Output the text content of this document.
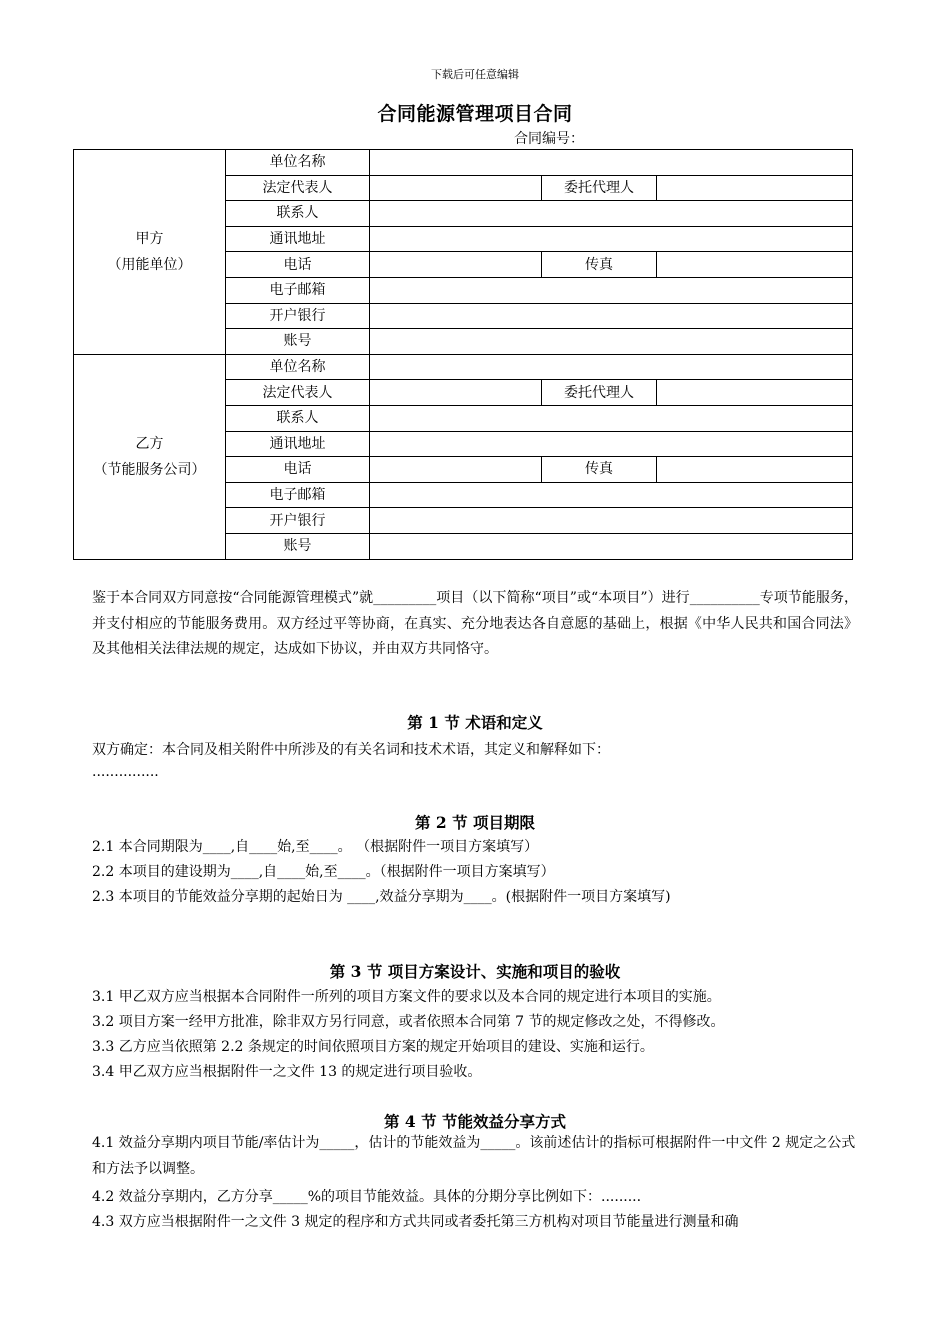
下载后可任意编辑
合同能源管理项目合同
合同编号：
甲方
（用能单位）	单位名称			
	法定代表人		委托代理人	
	联系人			
	通讯地址			
	电话		传真	
	电子邮箱			
	开户银行			
	账号			

乙方
（节能服务公司）	单位名称			
	法定代表人		委托代理人	
	联系人			
	通讯地址			
	电话		传真	
	电子邮箱			
	开户银行			
	账号			

鉴于本合同双方同意按“合同能源管理模式”就_________项目（以下简称“项目”或“本项目”）进行__________专项节能服务，并支付相应的节能服务费用。双方经过平等协商，在真实、充分地表达各自意愿的基础上，根据《中华人民共和国合同法》及其他相关法律法规的规定，达成如下协议，并由双方共同恪守。

第 1 节 术语和定义
双方确定：本合同及相关附件中所涉及的有关名词和技术术语，其定义和解释如下：
...............
第 2 节 项目期限
2.1 本合同期限为____,自____始,至____。 （根据附件一项目方案填写）
2.2 本项目的建设期为____,自____始,至____。（根据附件一项目方案填写）
2.3 本项目的节能效益分享期的起始日为 ____,效益分享期为____。(根据附件一项目方案填写)
第 3 节 项目方案设计、实施和项目的验收
3.1 甲乙双方应当根据本合同附件一所列的项目方案文件的要求以及本合同的规定进行本项目的实施。
3.2 项目方案一经甲方批准，除非双方另行同意，或者依照本合同第 7 节的规定修改之处，不得修改。
3.3 乙方应当依照第 2.2 条规定的时间依照项目方案的规定开始项目的建设、实施和运行。
3.4 甲乙双方应当根据附件一之文件 13 的规定进行项目验收。
第 4 节 节能效益分享方式
4.1 效益分享期内项目节能/率估计为_____，估计的节能效益为_____。该前述估计的指标可根据附件一中文件 2 规定之公式和方法予以调整。
4.2 效益分享期内，乙方分享_____%的项目节能效益。具体的分期分享比例如下：.........
4.3 双方应当根据附件一之文件 3 规定的程序和方式共同或者委托第三方机构对项目节能量进行测量和确
